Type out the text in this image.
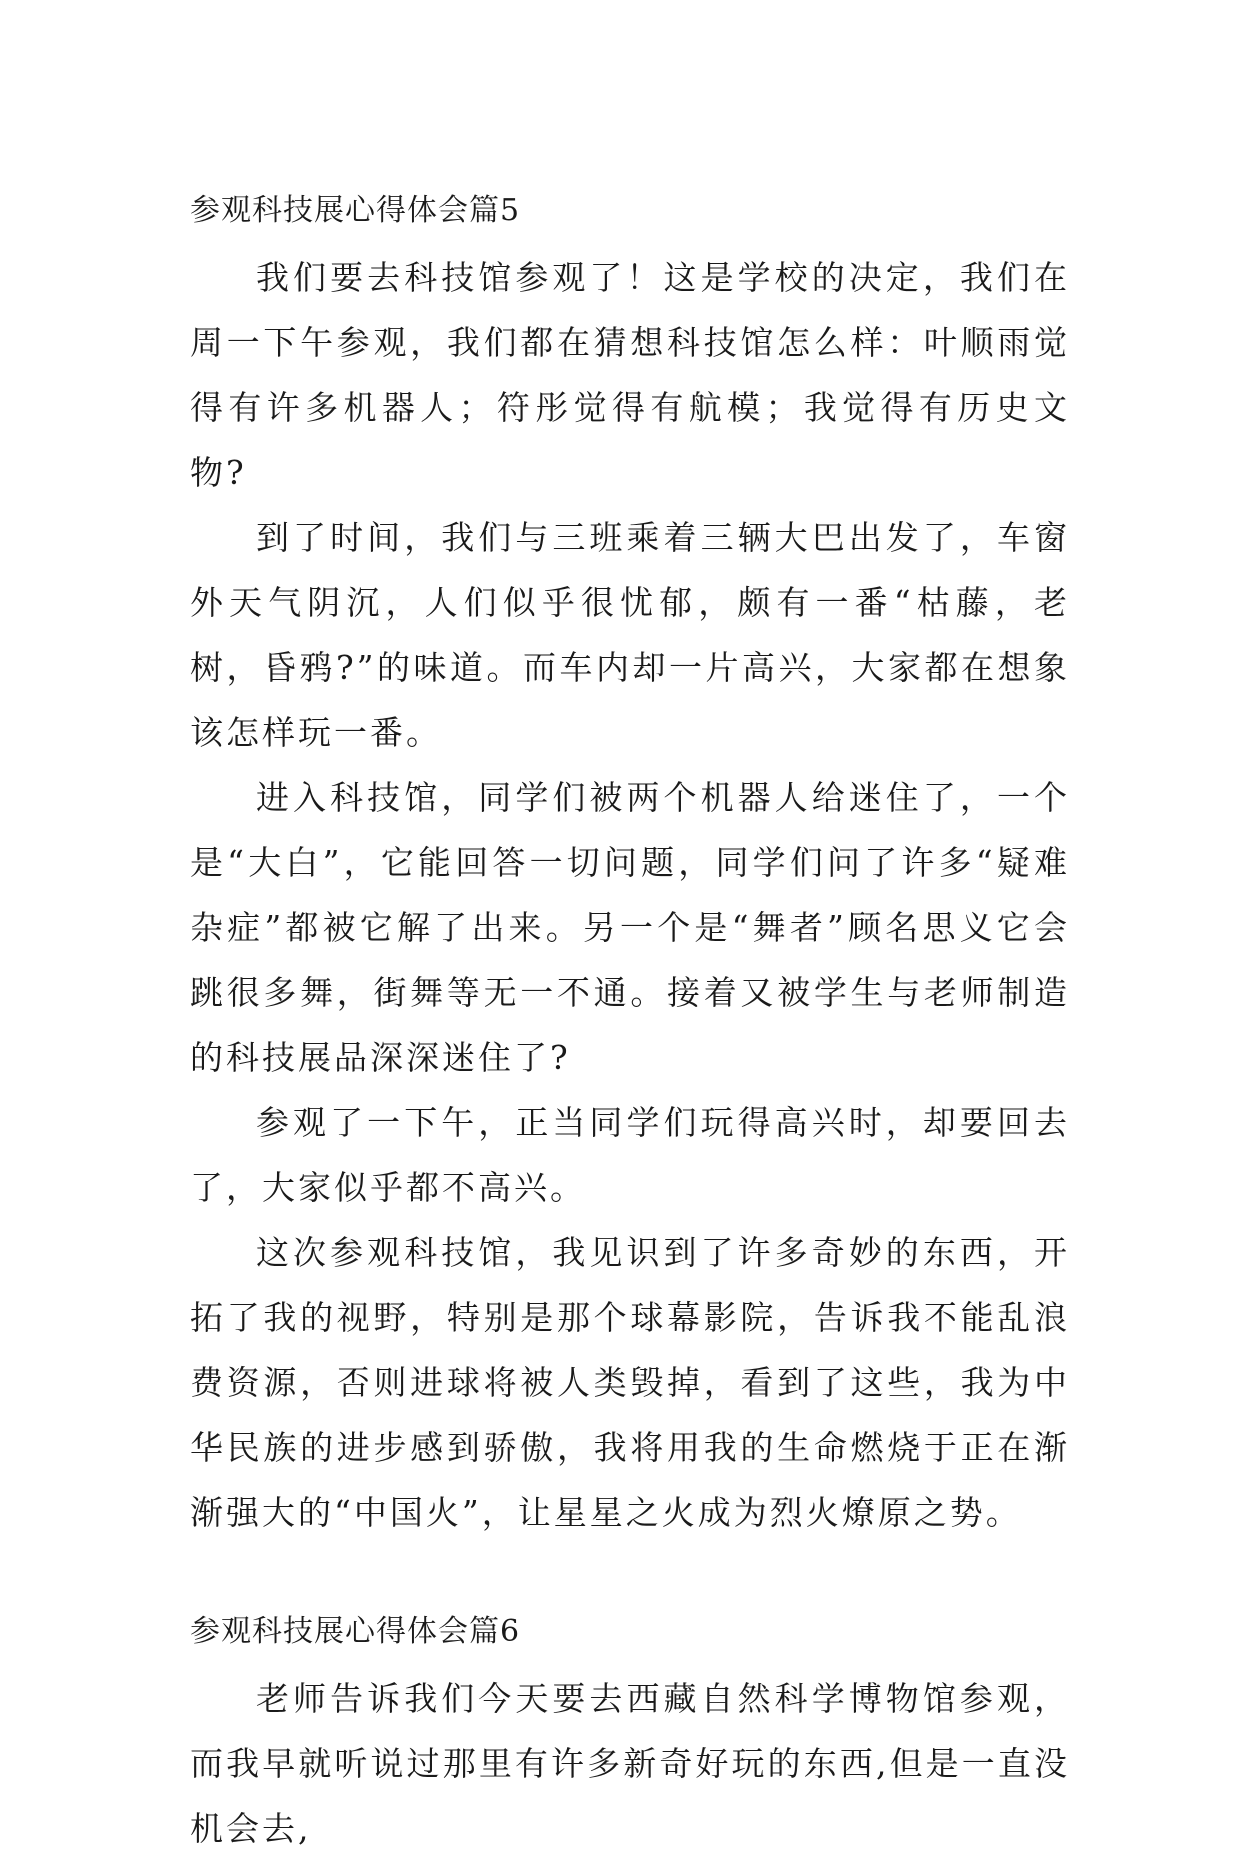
参观科技展心得体会篇5

我们要去科技馆参观了！这是学校的决定，我们在周一下午参观，我们都在猜想科技馆怎么样：叶顺雨觉得有许多机器人；符彤觉得有航模；我觉得有历史文物?

到了时间，我们与三班乘着三辆大巴出发了，车窗外天气阴沉，人们似乎很忧郁，颇有一番“枯藤，老树，昏鸦?”的味道。而车内却一片高兴，大家都在想象该怎样玩一番。

进入科技馆，同学们被两个机器人给迷住了，一个是“大白”，它能回答一切问题，同学们问了许多“疑难杂症”都被它解了出来。另一个是“舞者”顾名思义它会跳很多舞，街舞等无一不通。接着又被学生与老师制造的科技展品深深迷住了?

参观了一下午，正当同学们玩得高兴时，却要回去了，大家似乎都不高兴。

这次参观科技馆，我见识到了许多奇妙的东西，开拓了我的视野，特别是那个球幕影院，告诉我不能乱浪费资源，否则进球将被人类毁掉，看到了这些，我为中华民族的进步感到骄傲，我将用我的生命燃烧于正在渐渐强大的“中国火”，让星星之火成为烈火燎原之势。

参观科技展心得体会篇6

老师告诉我们今天要去西藏自然科学博物馆参观，而我早就听说过那里有许多新奇好玩的东西,但是一直没机会去,
